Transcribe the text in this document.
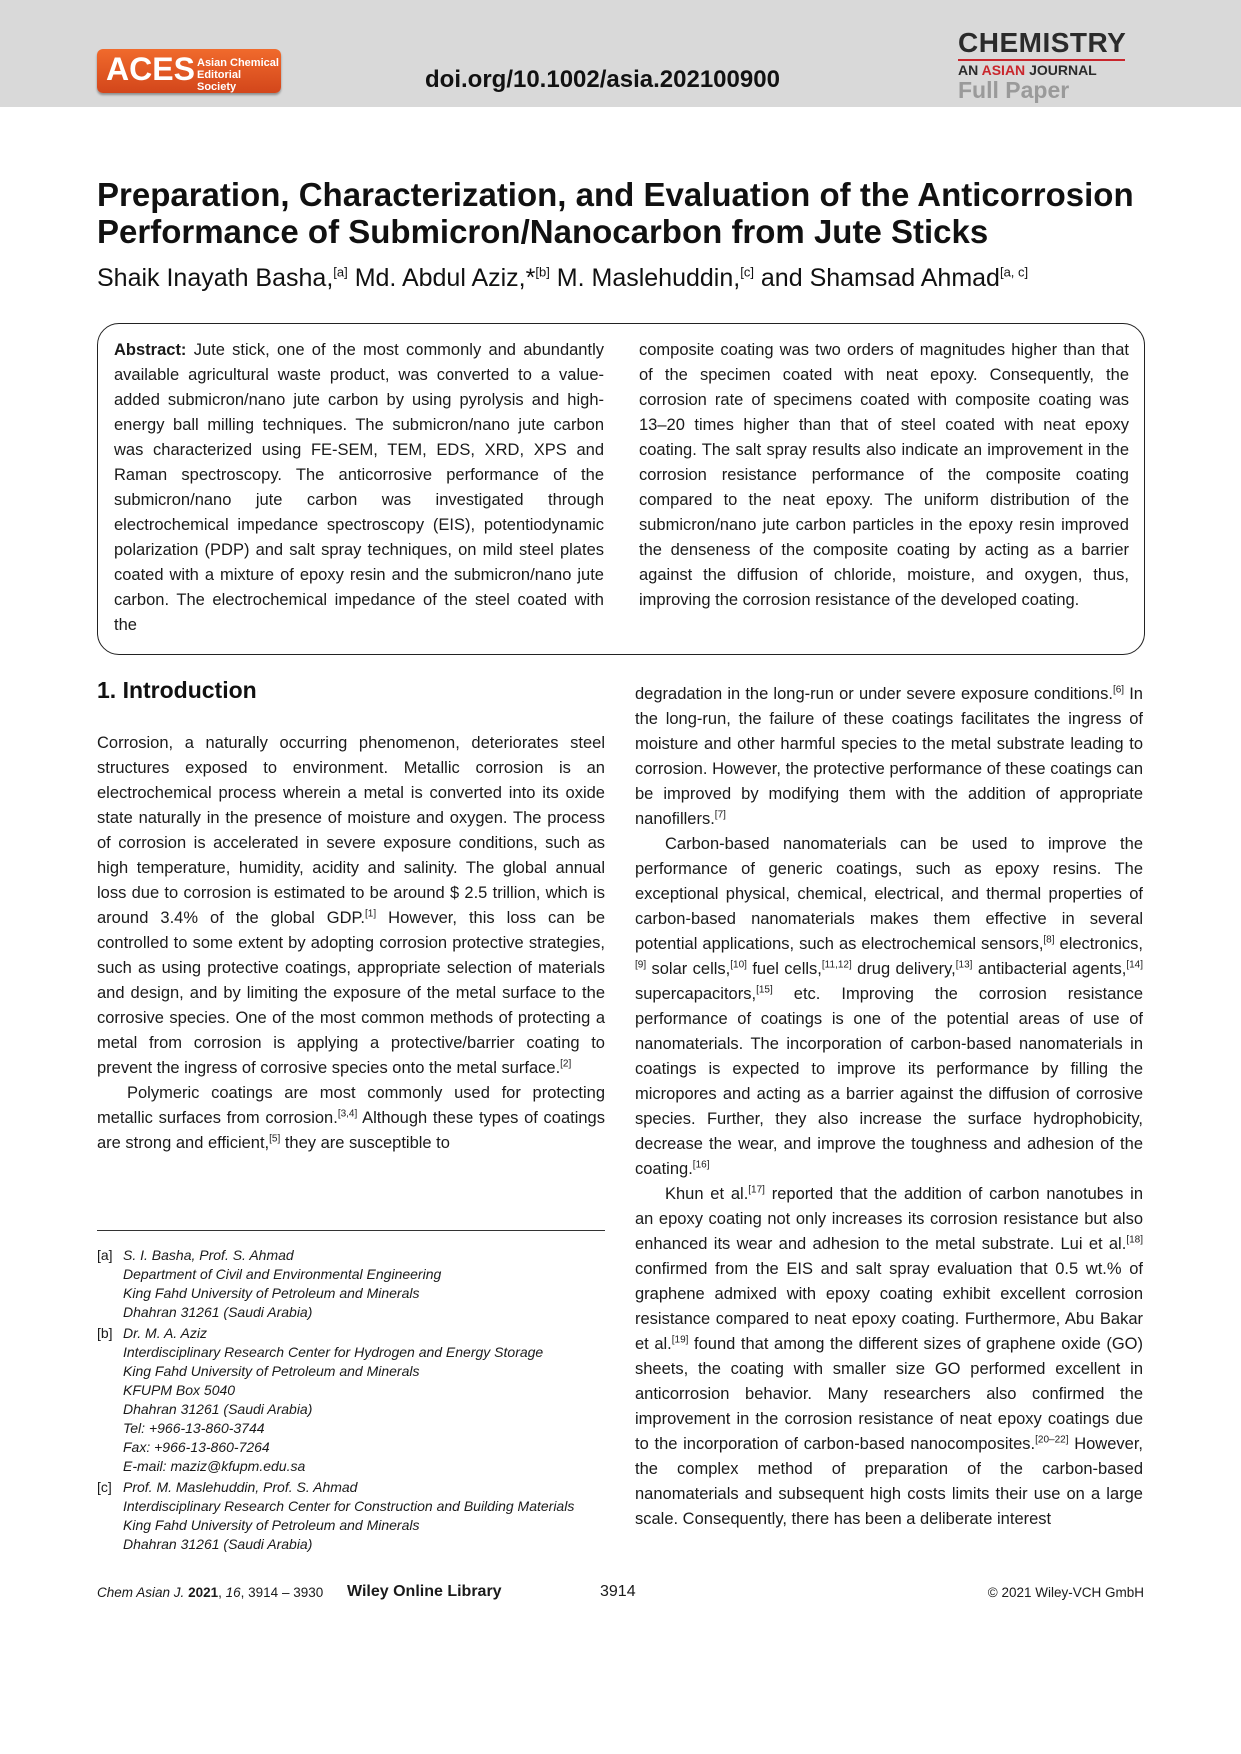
ACES Asian Chemical
Editorial Society	doi.org/10.1002/asia.202100900
CHEMISTRY
AN ASIAN JOURNAL
Full Paper
Preparation, Characterization, and Evaluation of the Anticorrosion Performance of Submicron/Nanocarbon from Jute Sticks
Shaik Inayath Basha,[a] Md. Abdul Aziz,*[b] M. Maslehuddin,[c] and Shamsad Ahmad[a, c]
Abstract: Jute stick, one of the most commonly and abundantly available agricultural waste product, was converted to a value-added submicron/nano jute carbon by using pyrolysis and high-energy ball milling techniques. The submicron/nano jute carbon was characterized using FE-SEM, TEM, EDS, XRD, XPS and Raman spectroscopy. The anticorrosive performance of the submicron/nano jute carbon was investigated through electrochemical impedance spectroscopy (EIS), potentiodynamic polarization (PDP) and salt spray techniques, on mild steel plates coated with a mixture of epoxy resin and the submicron/nano jute carbon. The electrochemical impedance of the steel coated with the
composite coating was two orders of magnitudes higher than that of the specimen coated with neat epoxy. Consequently, the corrosion rate of specimens coated with composite coating was 13–20 times higher than that of steel coated with neat epoxy coating. The salt spray results also indicate an improvement in the corrosion resistance performance of the composite coating compared to the neat epoxy. The uniform distribution of the submicron/nano jute carbon particles in the epoxy resin improved the denseness of the composite coating by acting as a barrier against the diffusion of chloride, moisture, and oxygen, thus, improving the corrosion resistance of the developed coating.
1. Introduction

Corrosion, a naturally occurring phenomenon, deteriorates steel structures exposed to environment. Metallic corrosion is an electrochemical process wherein a metal is converted into its oxide state naturally in the presence of moisture and oxygen. The process of corrosion is accelerated in severe exposure conditions, such as high temperature, humidity, acidity and salinity. The global annual loss due to corrosion is estimated to be around $ 2.5 trillion, which is around 3.4% of the global GDP.[1] However, this loss can be controlled to some extent by adopting corrosion protective strategies, such as using protective coatings, appropriate selection of materials and design, and by limiting the exposure of the metal surface to the corrosive species. One of the most common methods of protecting a metal from corrosion is applying a protective/barrier coating to prevent the ingress of corrosive species onto the metal surface.[2]

Polymeric coatings are most commonly used for protecting metallic surfaces from corrosion.[3,4] Although these types of coatings are strong and efficient,[5] they are susceptible to

[a] S. I. Basha, Prof. S. Ahmad
Department of Civil and Environmental Engineering
King Fahd University of Petroleum and Minerals
Dhahran 31261 (Saudi Arabia)
[b] Dr. M. A. Aziz
Interdisciplinary Research Center for Hydrogen and Energy Storage
King Fahd University of Petroleum and Minerals
KFUPM Box 5040
Dhahran 31261 (Saudi Arabia)
Tel: +966-13-860-3744
Fax: +966-13-860-7264
E-mail: maziz@kfupm.edu.sa
[c] Prof. M. Maslehuddin, Prof. S. Ahmad
Interdisciplinary Research Center for Construction and Building Materials
King Fahd University of Petroleum and Minerals
Dhahran 31261 (Saudi Arabia)

degradation in the long-run or under severe exposure conditions.[6] In the long-run, the failure of these coatings facilitates the ingress of moisture and other harmful species to the metal substrate leading to corrosion. However, the protective performance of these coatings can be improved by modifying them with the addition of appropriate nanofillers.[7]

Carbon-based nanomaterials can be used to improve the performance of generic coatings, such as epoxy resins. The exceptional physical, chemical, electrical, and thermal properties of carbon-based nanomaterials makes them effective in several potential applications, such as electrochemical sensors,[8] electronics,[9] solar cells,[10] fuel cells,[11,12] drug delivery,[13] antibacterial agents,[14] supercapacitors,[15] etc. Improving the corrosion resistance performance of coatings is one of the potential areas of use of nanomaterials. The incorporation of carbon-based nanomaterials in coatings is expected to improve its performance by filling the micropores and acting as a barrier against the diffusion of corrosive species. Further, they also increase the surface hydrophobicity, decrease the wear, and improve the toughness and adhesion of the coating.[16]

Khun et al.[17] reported that the addition of carbon nanotubes in an epoxy coating not only increases its corrosion resistance but also enhanced its wear and adhesion to the metal substrate. Lui et al.[18] confirmed from the EIS and salt spray evaluation that 0.5 wt.% of graphene admixed with epoxy coating exhibit excellent corrosion resistance compared to neat epoxy coating. Furthermore, Abu Bakar et al.[19] found that among the different sizes of graphene oxide (GO) sheets, the coating with smaller size GO performed excellent in anticorrosion behavior. Many researchers also confirmed the improvement in the corrosion resistance of neat epoxy coatings due to the incorporation of carbon-based nanocomposites.[20–22] However, the complex method of preparation of the carbon-based nanomaterials and subsequent high costs limits their use on a large scale. Consequently, there has been a deliberate interest

Chem Asian J. 2021, 16, 3914 – 3930 Wiley Online Library	3914	© 2021 Wiley-VCH GmbH
